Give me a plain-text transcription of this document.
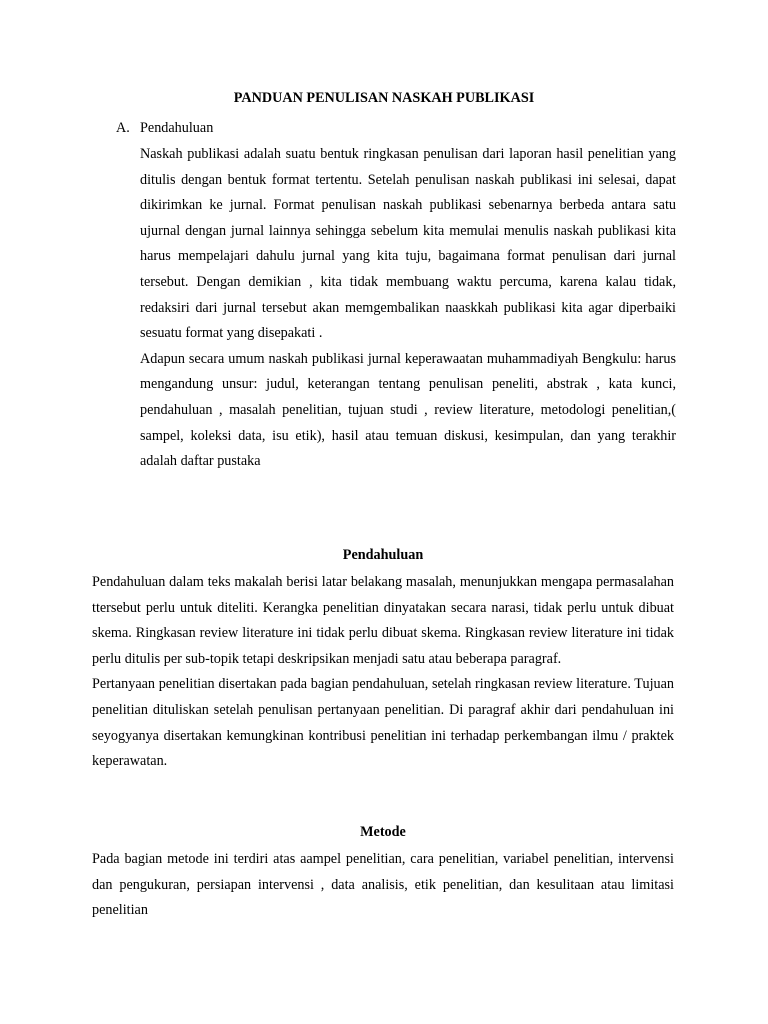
PANDUAN PENULISAN NASKAH PUBLIKASI
A. Pendahuluan

Naskah publikasi adalah suatu bentuk ringkasan penulisan dari laporan hasil penelitian yang ditulis dengan bentuk format tertentu. Setelah penulisan naskah publikasi ini selesai, dapat dikirimkan ke jurnal. Format penulisan naskah publikasi sebenarnya berbeda antara satu ujurnal dengan jurnal lainnya sehingga sebelum kita memulai menulis naskah publikasi kita harus mempelajari dahulu jurnal yang kita tuju, bagaimana format penulisan dari jurnal tersebut. Dengan demikian , kita tidak membuang waktu percuma, karena kalau tidak, redaksiri dari jurnal tersebut akan memgembalikan naaskkah publikasi kita agar diperbaiki sesuatu format yang disepakati .

Adapun secara umum naskah publikasi jurnal keperawaatan muhammadiyah Bengkulu: harus mengandung unsur: judul, keterangan tentang penulisan peneliti, abstrak , kata kunci, pendahuluan , masalah penelitian, tujuan studi , review literature, metodologi penelitian,( sampel, koleksi data, isu etik), hasil atau temuan diskusi, kesimpulan, dan yang terakhir adalah daftar pustaka

Pendahuluan

Pendahuluan dalam teks makalah berisi latar belakang masalah, menunjukkan mengapa permasalahan ttersebut perlu untuk diteliti. Kerangka penelitian dinyatakan secara narasi, tidak perlu untuk dibuat skema. Ringkasan review literature ini tidak perlu dibuat skema. Ringkasan review literature ini tidak perlu ditulis per sub-topik tetapi deskripsikan menjadi satu atau beberapa paragraf.

Pertanyaan penelitian disertakan pada bagian pendahuluan, setelah ringkasan review literature. Tujuan penelitian dituliskan setelah penulisan pertanyaan penelitian. Di paragraf akhir dari pendahuluan ini seyogyanya disertakan kemungkinan kontribusi penelitian ini terhadap perkembangan ilmu / praktek keperawatan.

Metode

Pada bagian metode ini terdiri atas aampel penelitian, cara penelitian, variabel penelitian, intervensi dan pengukuran, persiapan intervensi , data analisis, etik penelitian, dan kesulitaan atau limitasi penelitian
